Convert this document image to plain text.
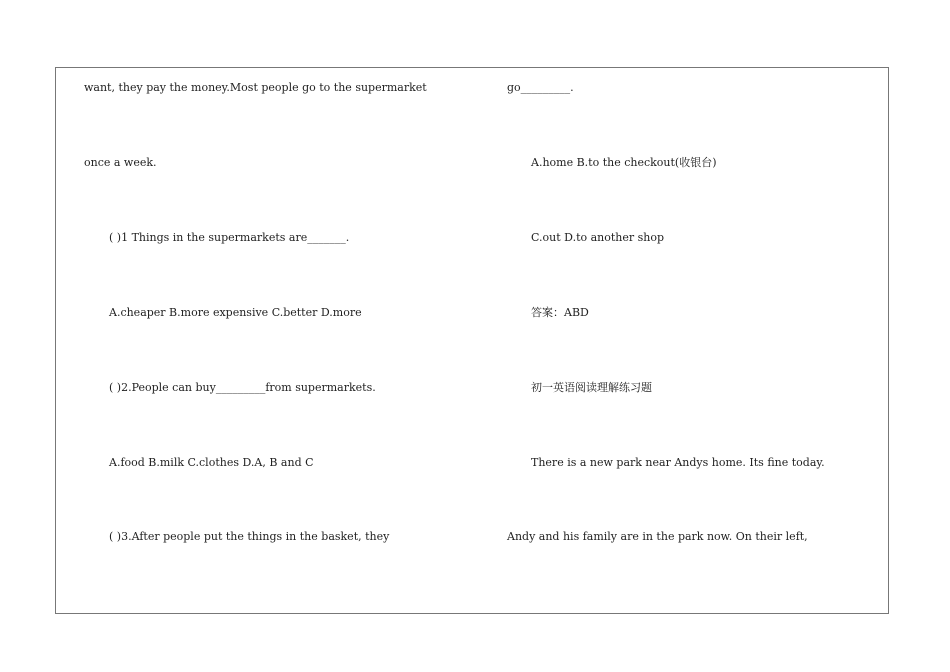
want, they pay the money.Most people go to the supermarket
once a week.
( )1 Things in the supermarkets are_______.
A.cheaper B.more expensive C.better D.more
( )2.People can buy_________from supermarkets.
A.food B.milk C.clothes D.A, B and C
( )3.After people put the things in the basket, they
go_________.
A.home B.to the checkout(收银台)
C.out D.to another shop
答案：ABD
初一英语阅读理解练习题
There is a new park near Andys home. Its fine today.
Andy and his family are in the park now. On their left,
